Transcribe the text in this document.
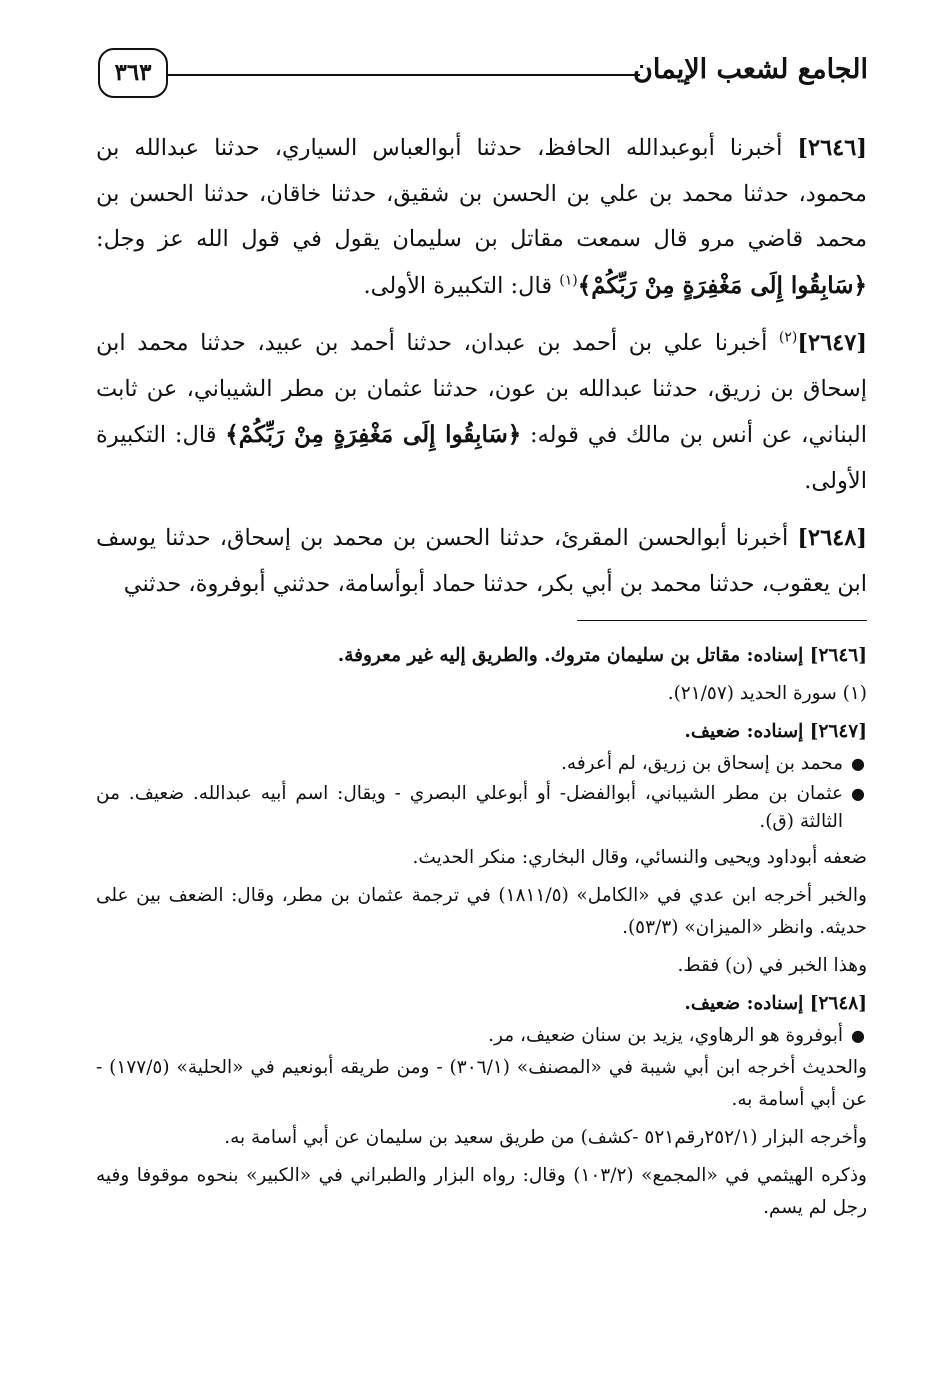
الجامع لشعب الإيمان
٣٦٣

[٢٦٤٦] أخبرنا أبوعبدالله الحافظ، حدثنا أبوالعباس السياري، حدثنا عبدالله بن محمود، حدثنا محمد بن علي بن الحسن بن شقيق، حدثنا خاقان، حدثنا الحسن بن محمد قاضي مرو قال سمعت مقاتل بن سليمان يقول في قول الله عز وجل: ﴿سَابِقُوا إِلَى مَغْفِرَةٍ مِنْ رَبِّكُمْ﴾$^{(١)}$ قال: التكبيرة الأولى.

[٢٦٤٧]$^{(٢)}$ أخبرنا علي بن أحمد بن عبدان، حدثنا أحمد بن عبيد، حدثنا محمد ابن إسحاق بن زريق، حدثنا عبدالله بن عون، حدثنا عثمان بن مطر الشيباني، عن ثابت البناني، عن أنس بن مالك في قوله: ﴿سَابِقُوا إِلَى مَغْفِرَةٍ مِنْ رَبِّكُمْ﴾ قال: التكبيرة الأولى.

[٢٦٤٨] أخبرنا أبوالحسن المقرئ، حدثنا الحسن بن محمد بن إسحاق، حدثنا يوسف ابن يعقوب، حدثنا محمد بن أبي بكر، حدثنا حماد أبوأسامة، حدثني أبوفروة، حدثني

[٢٦٤٦] إسناده: مقاتل بن سليمان متروك. والطريق إليه غير معروفة.

(١) سورة الحديد (٢١/٥٧).

[٢٦٤٧] إسناده: ضعيف.

●
محمد بن إسحاق بن زريق، لم أعرفه.
●
عثمان بن مطر الشيباني، أبوالفضل- أو أبوعلي البصري - ويقال: اسم أبيه عبدالله. ضعيف. من الثالثة (ق).

ضعفه أبوداود ويحيى والنسائي، وقال البخاري: منكر الحديث.

والخبر أخرجه ابن عدي في «الكامل» (١٨١١/٥) في ترجمة عثمان بن مطر، وقال: الضعف بين على حديثه. وانظر «الميزان» (٥٣/٣).

وهذا الخبر في (ن) فقط.

[٢٦٤٨] إسناده: ضعيف.

●
أبوفروة هو الرهاوي، يزيد بن سنان ضعيف، مر.

والحديث أخرجه ابن أبي شيبة في «المصنف» (٣٠٦/١) - ومن طريقه أبونعيم في «الحلية» (١٧٧/٥) - عن أبي أسامة به.

وأخرجه البزار (٢٥٢/١رقم٥٢١ -كشف) من طريق سعيد بن سليمان عن أبي أسامة به.

وذكره الهيثمي في «المجمع» (١٠٣/٢) وقال: رواه البزار والطبراني في «الكبير» بنحوه موقوفا وفيه رجل لم يسم.
